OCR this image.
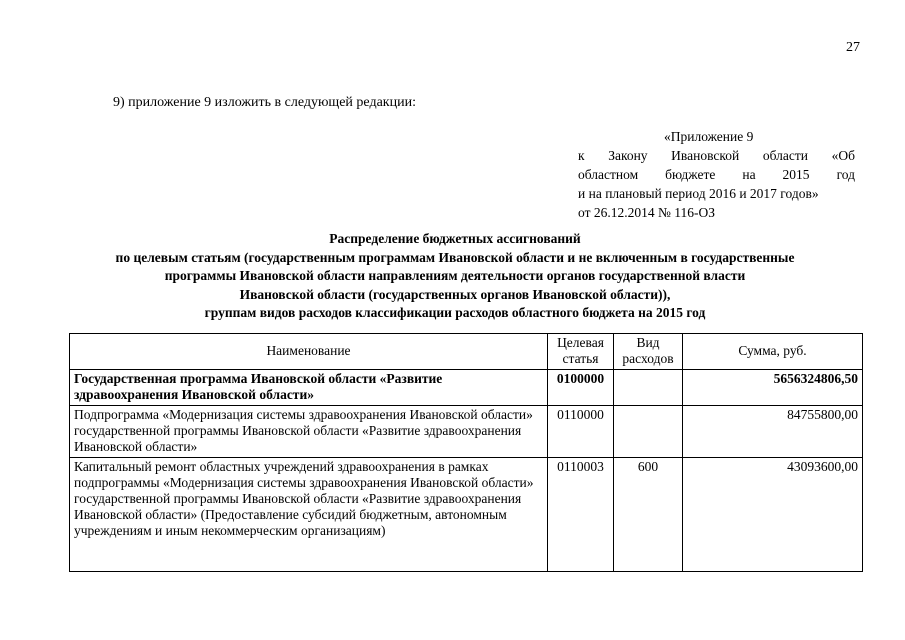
27
9) приложение 9 изложить в следующей редакции:
«Приложение 9
к Закону Ивановской области «Об
областном бюджете на 2015 год
и на плановый период 2016 и 2017 годов»
от 26.12.2014 № 116-ОЗ
Распределение бюджетных ассигнований
по целевым статьям (государственным программам Ивановской области и не включенным в государственные
программы Ивановской области направлениям деятельности органов государственной власти
Ивановской области (государственных органов Ивановской области)),
группам видов расходов классификации расходов областного бюджета на 2015 год
Наименование	Целевая статья	Вид расходов	Сумма, руб.
Государственная программа Ивановской области «Развитие здравоохранения Ивановской области»	0100000		5656324806,50
Подпрограмма «Модернизация системы здравоохранения Ивановской области» государственной программы Ивановской области «Развитие здравоохранения Ивановской области»	0110000		84755800,00
Капитальный ремонт областных учреждений здравоохранения в рамках подпрограммы «Модернизация системы здравоохранения Ивановской области» государственной программы Ивановской области «Развитие здравоохранения Ивановской области» (Предоставление субсидий бюджетным, автономным учреждениям и иным некоммерческим организациям)	0110003	600	43093600,00
